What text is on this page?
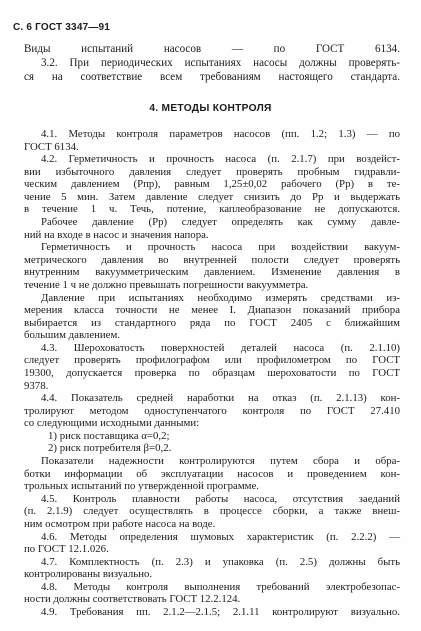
С. 6 ГОСТ 3347—91
Виды испытаний насосов — по ГОСТ 6134.
3.2. При периодических испытаниях насосы должны проверять-
ся на соответствие всем требованиям настоящего стандарта.
4. МЕТОДЫ КОНТРОЛЯ
4.1. Методы контроля параметров насосов (пп. 1.2; 1.3) — по
ГОСТ 6134.
4.2. Герметичность и прочность насоса (п. 2.1.7) при воздейст-
вии избыточного давления следует проверять пробным гидравли-
ческим давлением (Pпр), равным 1,25±0,02 рабочего (Pр) в те-
чение 5 мин. Затем давление следует снизить до Pр и выдержать
в течение 1 ч. Течь, потение, каплеобразование не допускаются.
Рабочее давление (Pр) следует определять как сумму давле-
ний на входе в насос и значения напора.
Герметичность и прочность насоса при воздействии вакуум-
метрического давления во внутренней полости следует проверять
внутренним вакуумметрическим давлением. Изменение давления в
течение 1 ч не должно превышать погрешности вакуумметра.
Давление при испытаниях необходимо измерять средствами из-
мерения класса точности не менее I. Диапазон показаний прибора
выбирается из стандартного ряда по ГОСТ 2405 с ближайшим
большим давлением.
4.3. Шероховатость поверхностей деталей насоса (п. 2.1.10)
следует проверять профилографом или профилометром по ГОСТ
19300, допускается проверка по образцам шероховатости по ГОСТ
9378.
4.4. Показатель средней наработки на отказ (п. 2.1.13) кон-
тролируют методом одноступенчатого контроля по ГОСТ 27.410
со следующими исходными данными:
1) риск поставщика α=0,2;
2) риск потребителя β=0,2.
Показатели надежности контролируются путем сбора и обра-
ботки информации об эксплуатации насосов и проведением кон-
трольных испытаний по утвержденной программе.
4.5. Контроль плавности работы насоса, отсутствия заеданий
(п. 2.1.9) следует осуществлять в процессе сборки, а также внеш-
ним осмотром при работе насоса на воде.
4.6. Методы определения шумовых характеристик (п. 2.2.2) —
по ГОСТ 12.1.026.
4.7. Комплектность (п. 2.3) и упаковка (п. 2.5) должны быть
контролированы визуально.
4.8. Методы контроля выполнения требований электробезопас-
ности должны соответствовать ГОСТ 12.2.124.
4.9. Требования пп. 2.1.2—2.1.5; 2.1.11 контролируют визуально.
